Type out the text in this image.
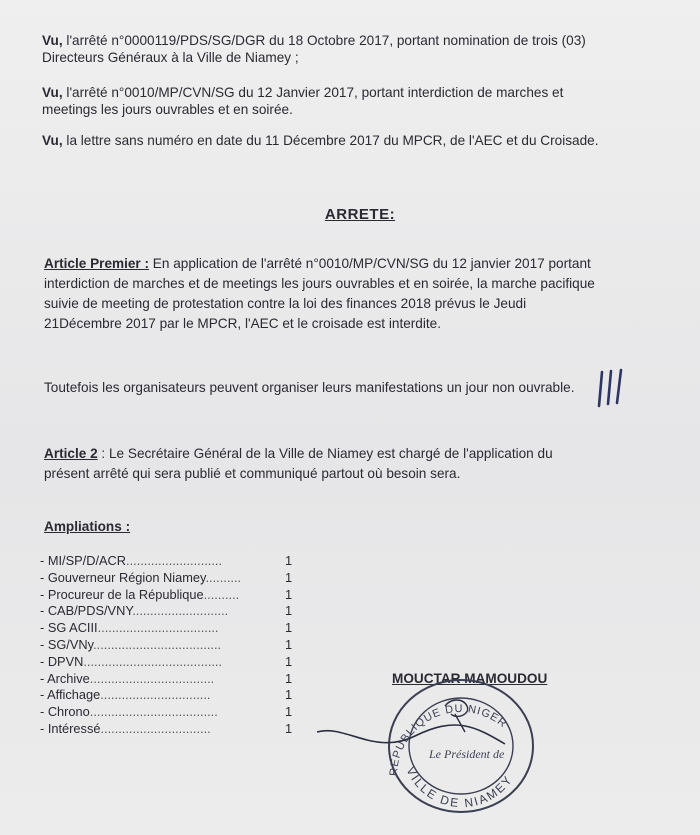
Vu, l'arrêté n°0000119/PDS/SG/DGR du 18 Octobre 2017, portant nomination de trois (03) Directeurs Généraux à la Ville de Niamey ;

Vu, l'arrêté n°0010/MP/CVN/SG du 12 Janvier 2017, portant interdiction de marches et meetings les jours ouvrables et en soirée.

Vu, la lettre sans numéro en date du 11 Décembre 2017 du MPCR, de l'AEC et du Croisade.

ARRETE:

Article Premier : En application de l'arrêté n°0010/MP/CVN/SG du 12 janvier 2017 portant interdiction de marches et de meetings les jours ouvrables et en soirée, la marche pacifique suivie de meeting de protestation contre la loi des finances 2018 prévus le Jeudi 21Décembre 2017 par le MPCR, l'AEC et le croisade est interdite.

Toutefois les organisateurs peuvent organiser leurs manifestations un jour non ouvrable.

Article 2 : Le Secrétaire Général de la Ville de Niamey est chargé de l'application du présent arrêté qui sera publié et communiqué partout où besoin sera.

Ampliations :
- MI/SP/D/ACR...........................	1
- Gouverneur Région Niamey..........	1
- Procureur de la République..........	1
- CAB/PDS/VNY...........................	1
- SG ACIII..................................	1
- SG/VNy....................................	1
- DPVN.......................................	1
- Archive...................................	1
- Affichage...............................	1
- Chrono....................................	1
- Intéressé...............................	1
MOUCTAR MAMOUDOU
REPUBLIQUE DU NIGER
VILLE DE NIAMEY
Le Président de
